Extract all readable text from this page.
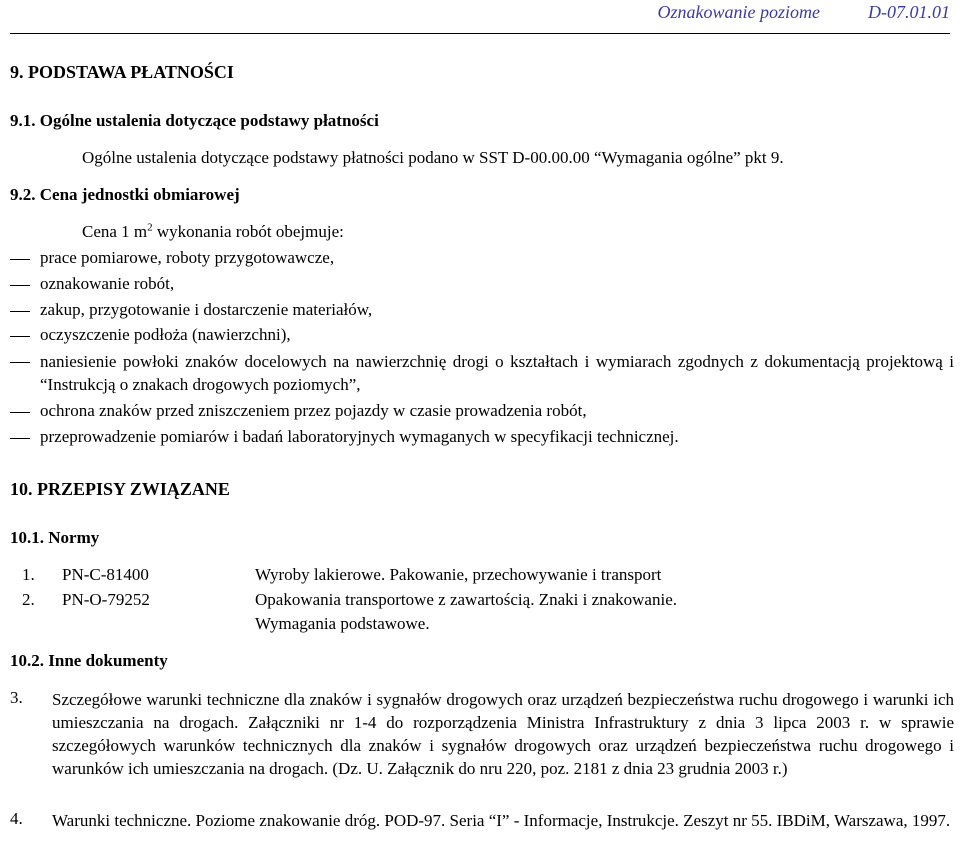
Oznakowanie poziome	D-07.01.01
9. PODSTAWA PŁATNOŚCI
9.1. Ogólne ustalenia dotyczące podstawy płatności
Ogólne ustalenia dotyczące podstawy płatności podano w SST D-00.00.00 “Wymagania ogólne” pkt 9.
9.2. Cena jednostki obmiarowej
Cena 1 $m^2$ wykonania robót obejmuje:
prace pomiarowe, roboty przygotowawcze,
oznakowanie robót,
zakup, przygotowanie i dostarczenie materiałów,
oczyszczenie podłoża (nawierzchni),
naniesienie powłoki znaków docelowych na nawierzchnię drogi o kształtach i wymiarach zgodnych z dokumentacją projektową i “Instrukcją o znakach drogowych poziomych”,
ochrona znaków przed zniszczeniem przez pojazdy w czasie prowadzenia robót,
przeprowadzenie pomiarów i badań laboratoryjnych wymaganych w specyfikacji technicznej.
10. PRZEPISY ZWIĄZANE
10.1. Normy
1. PN-C-81400	Wyroby lakierowe. Pakowanie, przechowywanie i transport
2. PN-O-79252	Opakowania transportowe z zawartością. Znaki i znakowanie.
Wymagania podstawowe.
10.2. Inne dokumenty
3. Szczegółowe warunki techniczne dla znaków i sygnałów drogowych oraz urządzeń bezpieczeństwa ruchu drogowego i warunki ich umieszczania na drogach. Załączniki nr 1-4 do rozporządzenia Ministra Infrastruktury z dnia 3 lipca 2003 r. w sprawie szczegółowych warunków technicznych dla znaków i sygnałów drogowych oraz urządzeń bezpieczeństwa ruchu drogowego i warunków ich umieszczania na drogach. (Dz. U. Załącznik do nru 220, poz. 2181 z dnia 23 grudnia 2003 r.)
4. Warunki techniczne. Poziome znakowanie dróg. POD-97. Seria “I” - Informacje, Instrukcje. Zeszyt nr 55. IBDiM, Warszawa, 1997.
